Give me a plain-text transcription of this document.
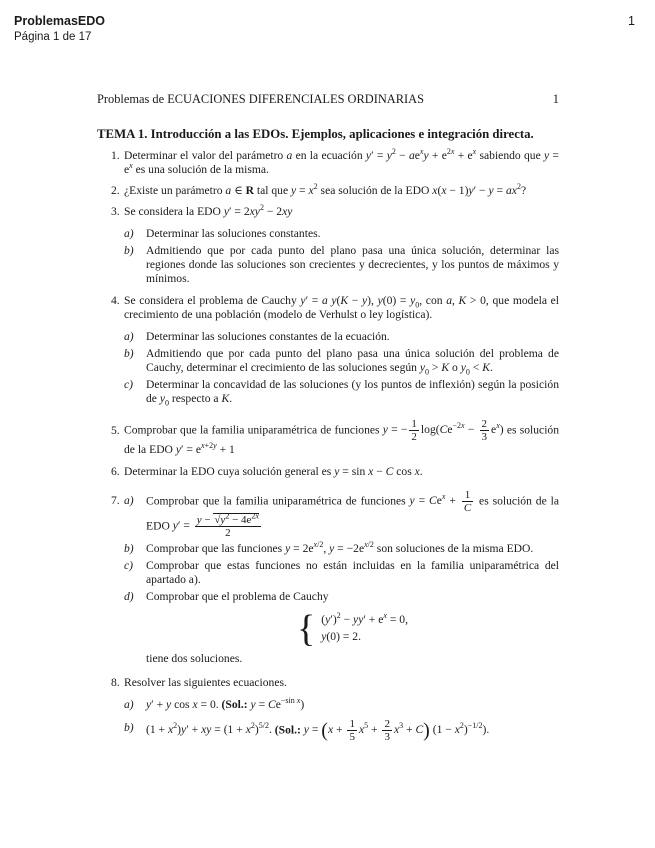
ProblemasEDO	1
Página 1 de 17
Problemas de ECUACIONES DIFERENCIALES ORDINARIAS	1
TEMA 1. Introducción a las EDOs. Ejemplos, aplicaciones e integración directa.
1. Determinar el valor del parámetro a en la ecuación $y' = y^2 - ae^xy + e^{2x} + e^x$ sabiendo que $y = e^x$ es una solución de la misma.
2. ¿Existe un parámetro a ∈ R tal que $y = x^2$ sea solución de la EDO $x(x - 1)y' - y = ax^2$?
3. Se considera la EDO $y' = 2xy^2 - 2xy$
a) Determinar las soluciones constantes.
b) Admitiendo que por cada punto del plano pasa una única solución, determinar las regiones donde las soluciones son crecientes y decrecientes, y los puntos de máximos y mínimos.
4. Se considera el problema de Cauchy y′ = a y(K − y), $y(0) = y_0$, con a, K > 0, que modela el crecimiento de una población (modelo de Verhulst o ley logística).
a) Determinar las soluciones constantes de la ecuación.
b) Admitiendo que por cada punto del plano pasa una única solución del problema de Cauchy, determinar el crecimiento de las soluciones según $y_0 > K$ o $y_0 < K$.
c) Determinar la concavidad de las soluciones (y los puntos de inflexión) según la posición de $y_0$ respecto a K.
5. Comprobar que la familia uniparamétrica de funciones y = − $\frac{1}{2} \log(Ce^{-2x} - \frac{2}{3} e^x)$ es solución de la EDO $y' = e^{x+2y} + 1$
6. Determinar la EDO cuya solución general es y = sin x − C cos x.
7. a) Comprobar que la familia uniparamétrica de funciones $y = Ce^x + \frac{1}{C}$ es solución de la EDO $y' = \frac{y - √y^2 - 4e^{2x}}{2}$
b) Comprobar que las funciones $y = 2e^{x/2}$, $y = -2e^{x/2}$ son soluciones de la misma EDO.
c) Comprobar que estas funciones no están incluidas en la familia uniparamétrica del apartado a).
d) Comprobar que el problema de Cauchy
{ $(y')^2 - yy' + e^x = 0$,
y(0) = 2.
tiene dos soluciones.
8. Resolver las siguientes ecuaciones.
a) y′ + y cos x = 0. (Sol.: $y = Ce^{-sin x}$)
b) $(1 + x^2)y'$ + xy = $(1 + x^2)^{5/2}$. (Sol.: $y = (x + \frac{1}{5} x^5 + \frac{2}{3} x^3 + C)$ $(1 - x^2)^{-1/2}$).
